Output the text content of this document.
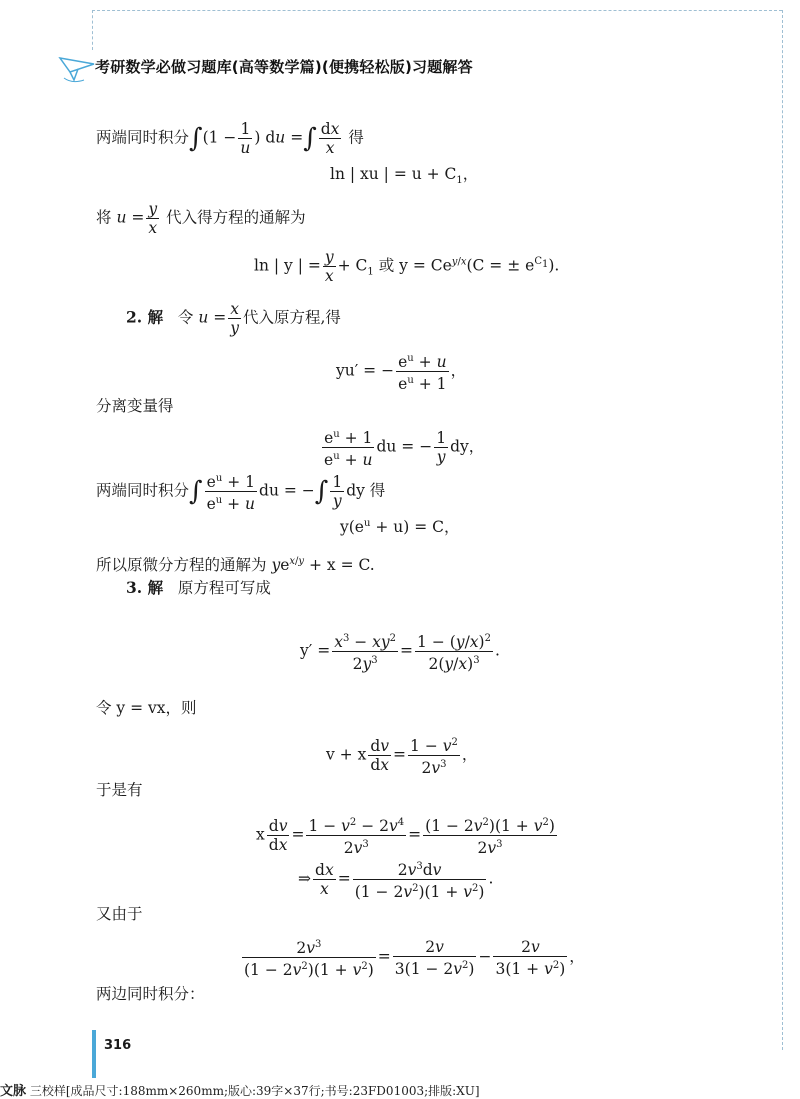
考研数学必做习题库(高等数学篇)(便携轻松版)习题解答
两端同时积分$\int(1 - \frac{1}{u}$ ) du =∫ $\frac{dx}{x}$ 得
ln | xu | = $u + C_1$，
将 $u = \frac{y}{x}$ 代入得方程的通解为
ln | y | = $\frac{y}{x} + C_1$ 或 $y = Ce^{y/x}(C$ = ± $e^{C_1}$).
2. 解 令 $u = \frac{x}{y}$ 代入原方程,得
yu′ = − $\frac{e^u + u}{e^u + 1}$ ，
分离变量得
$\frac{e^u + 1}{e^u + u}$ du = − $\frac{1}{y}$ dy，
两端同时积分∫ $\frac{e^u + 1}{e^u + u}$ du = −∫ $\frac{1}{y}$ dy 得
$y(e^u + u) = C$，
所以原微分方程的通解为 $ye^{x/y} + x = C$.
3. 解 原方程可写成
$y' = \frac{x^3 - xy^2}{2y^3} = \frac{1 - (y/x)^2}{2(y/x)^3}$ .
令 y = vx，则
v + x $\frac{dv}{dx} = \frac{1 - v^2}{2v^3}$ ，
于是有
x $\frac{dv}{dx} = \frac{1 - v^2 - 2v^4}{2v^3} = \frac{(1 - 2v^2)(1 + v^2)}{2v^3}$
⇒ $\frac{dx}{x} = \frac{2v^3dv}{(1 - 2v^2)(1 + v^2)}$ .
又由于
$\frac{2v^3}{(1 - 2v^2)(1 + v^2)} = \frac{2v}{3(1 - 2v^2)} - \frac{2v}{3(1 + v^2)}$ ，
两边同时积分：
316
文脉 三校样[成品尺寸:188mm×260mm;版心:39字×37行;书号:23FD01003;排版:XU]
